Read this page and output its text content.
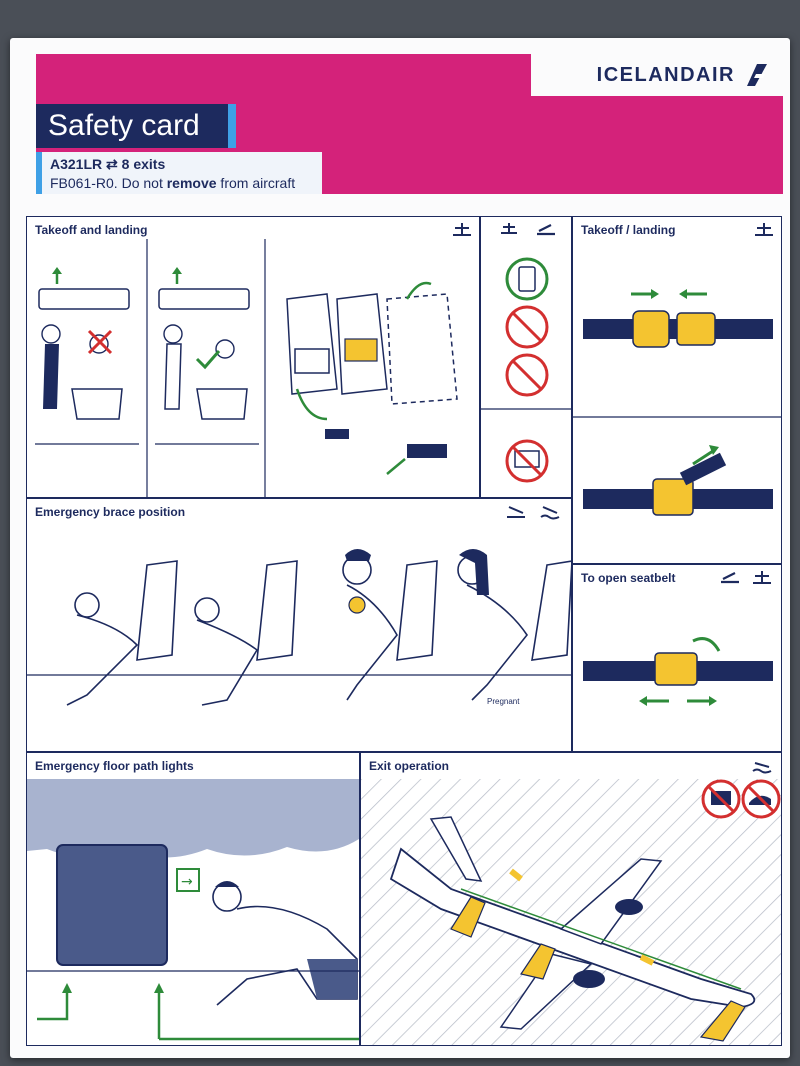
ICELANDAIR
Safety card
A321LR ⇄ 8 exits
FB061-R0. Do not remove from aircraft
Takeoff and landing	Takeoff / landing
Emergency brace position
Pregnant
To open seatbelt
Emergency floor path lights
→
Exit operation
